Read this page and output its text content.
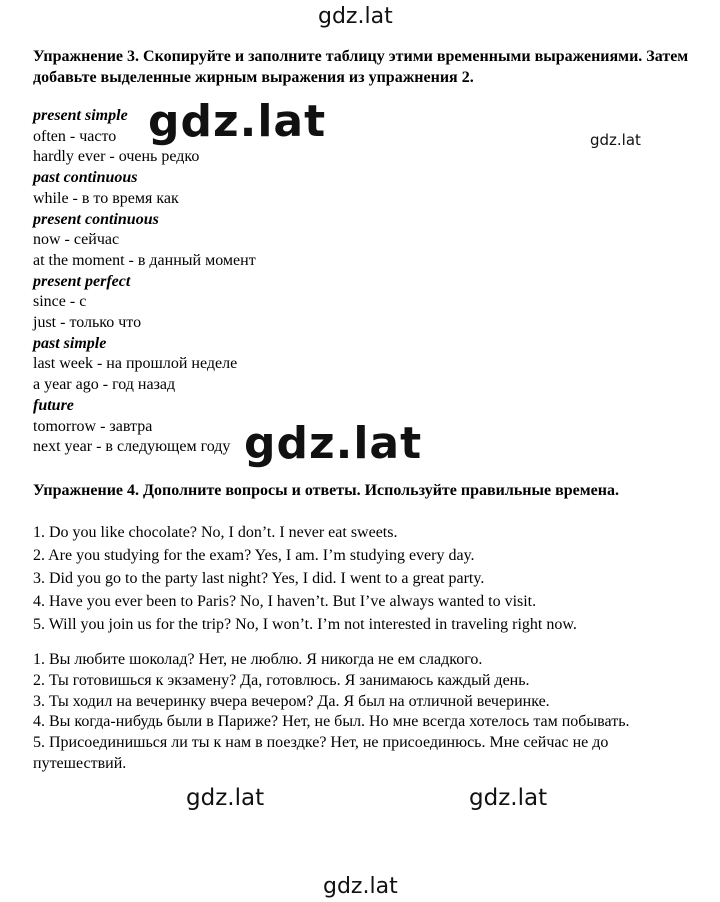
gdz.lat

Упражнение 3. Скопируйте и заполните таблицу этими временными выражениями. Затем добавьте выделенные жирным выражения из упражнения 2.

present simple
often - часто
hardly ever - очень редко
past continuous
while - в то время как
present continuous
now - сейчас
at the moment - в данный момент
present perfect
since - с
just - только что
past simple
last week - на прошлой неделе
a year ago - год назад
future
tomorrow - завтра
next year - в следующем году

Упражнение 4. Дополните вопросы и ответы. Используйте правильные времена.

1. Do you like chocolate? No, I don’t. I never eat sweets.
2. Are you studying for the exam? Yes, I am. I’m studying every day.
3. Did you go to the party last night? Yes, I did. I went to a great party.
4. Have you ever been to Paris? No, I haven’t. But I’ve always wanted to visit.
5. Will you join us for the trip? No, I won’t. I’m not interested in traveling right now.
1. Вы любите шоколад? Нет, не люблю. Я никогда не ем сладкого.
2. Ты готовишься к экзамену? Да, готовлюсь. Я занимаюсь каждый день.
3. Ты ходил на вечеринку вчера вечером? Да. Я был на отличной вечеринке.
4. Вы когда-нибудь были в Париже? Нет, не был. Но мне всегда хотелось там побывать.
5. Присоединишься ли ты к нам в поездке? Нет, не присоединюсь. Мне сейчас не до путешествий.
gdz.lat	gdz.lat
gdz.lat
gdz.lat	gdz.lat
gdz.lat
